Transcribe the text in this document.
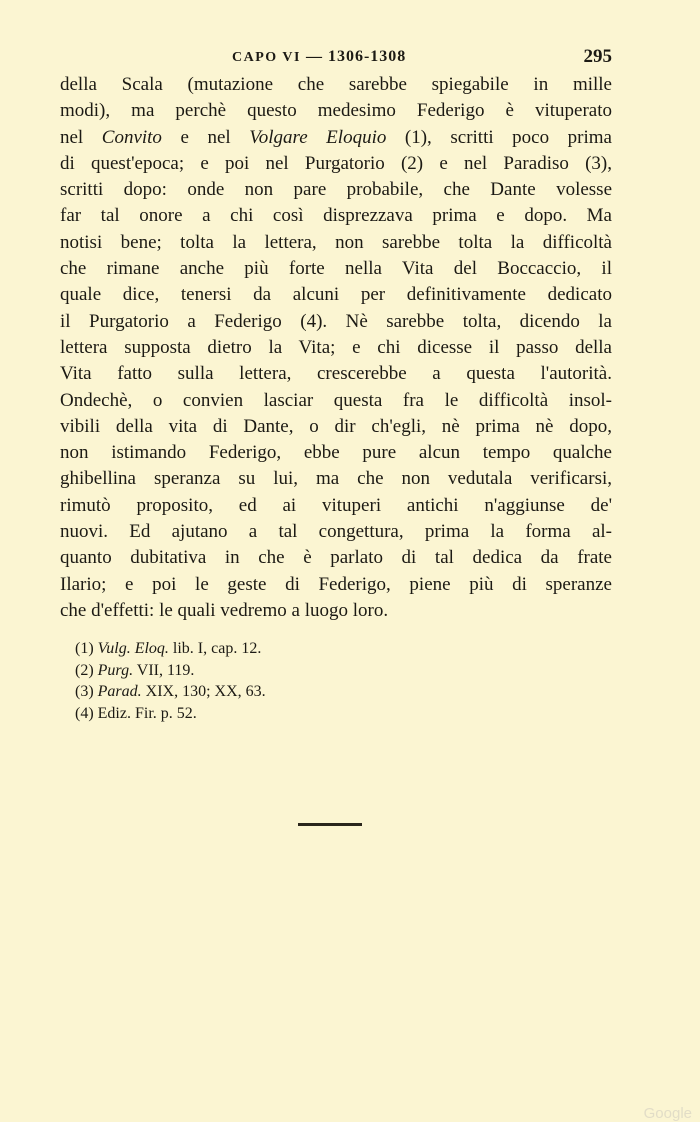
CAPO VI — 1306-1308	295
della Scala (mutazione che sarebbe spiegabile in mille
modi), ma perchè questo medesimo Federigo è vituperato
nel Convito e nel Volgare Eloquio (1), scritti poco prima
di quest'epoca; e poi nel Purgatorio (2) e nel Paradiso (3),
scritti dopo: onde non pare probabile, che Dante volesse
far tal onore a chi così disprezzava prima e dopo. Ma
notisi bene; tolta la lettera, non sarebbe tolta la difficoltà
che rimane anche più forte nella Vita del Boccaccio, il
quale dice, tenersi da alcuni per definitivamente dedicato
il Purgatorio a Federigo (4). Nè sarebbe tolta, dicendo la
lettera supposta dietro la Vita; e chi dicesse il passo della
Vita fatto sulla lettera, crescerebbe a questa l'autorità.
Ondechè, o convien lasciar questa fra le difficoltà insol-
vibili della vita di Dante, o dir ch'egli, nè prima nè dopo,
non istimando Federigo, ebbe pure alcun tempo qualche
ghibellina speranza su lui, ma che non vedutala verificarsi,
rimutò proposito, ed ai vituperi antichi n'aggiunse de'
nuovi. Ed ajutano a tal congettura, prima la forma al-
quanto dubitativa in che è parlato di tal dedica da frate
Ilario; e poi le geste di Federigo, piene più di speranze
che d'effetti: le quali vedremo a luogo loro.
(1) Vulg. Eloq. lib. I, cap. 12.
(2) Purg. VII, 119.
(3) Parad. XIX, 130; XX, 63.
(4) Ediz. Fir. p. 52.
Google
